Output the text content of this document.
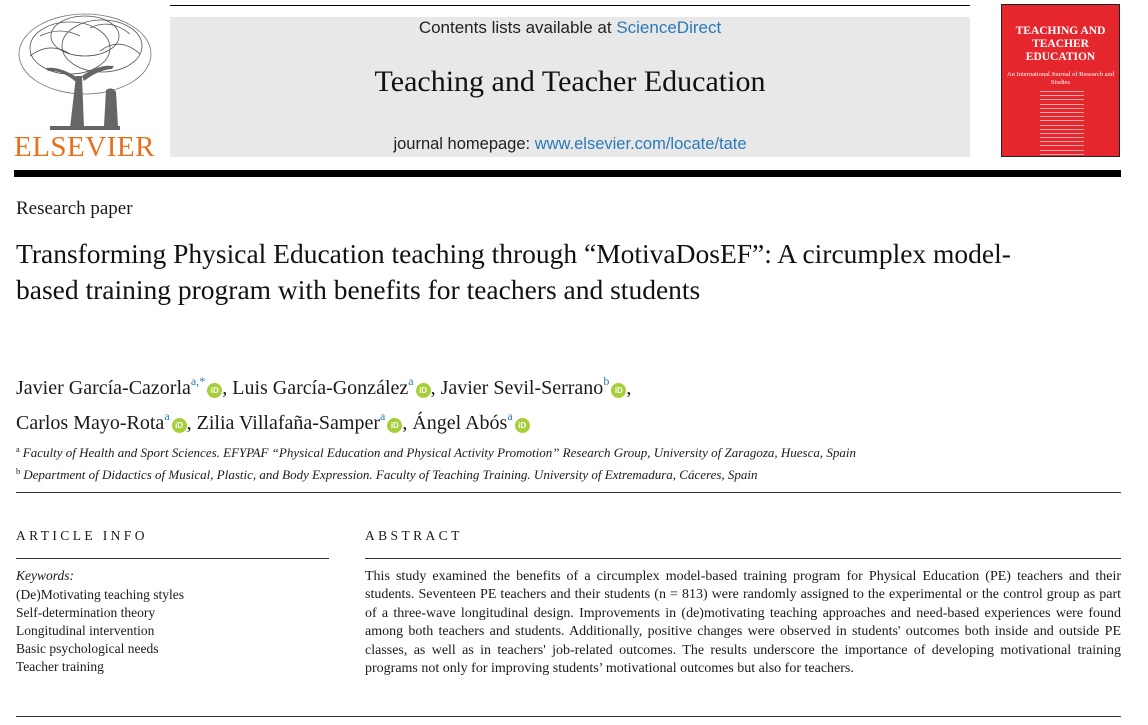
ELSEVIER
Contents lists available at ScienceDirect
Teaching and Teacher Education
journal homepage: www.elsevier.com/locate/tate
TEACHING AND TEACHER EDUCATION
An International Journal of Research and Studies
Research paper
Transforming Physical Education teaching through “MotivaDosEF”: A circumplex model-based training program with benefits for teachers and students
Javier García-Cazorla$^{a,*}$iD , Luis García-González$^a$iD , Javier Sevil-Serrano$^b$iD ,
Carlos Mayo-Rota$^a$iD , Zilia Villafaña-Samper$^a$iD , Ángel Abós$^a$iD
$^a$ Faculty of Health and Sport Sciences. EFYPAF “Physical Education and Physical Activity Promotion” Research Group, University of Zaragoza, Huesca, Spain
$^b$ Department of Didactics of Musical, Plastic, and Body Expression. Faculty of Teaching Training. University of Extremadura, Cáceres, Spain
ARTICLE INFO
Keywords:
(De)Motivating teaching styles
Self-determination theory
Longitudinal intervention
Basic psychological needs
Teacher training
ABSTRACT
This study examined the benefits of a circumplex model-based training program for Physical Education (PE) teachers and their students. Seventeen PE teachers and their students (n = 813) were randomly assigned to the experimental or the control group as part of a three-wave longitudinal design. Improvements in (de)motivating teaching approaches and need-based experiences were found among both teachers and students. Additionally, positive changes were observed in students' outcomes both inside and outside PE classes, as well as in teachers' job-related outcomes. The results underscore the importance of developing motivational training programs not only for improving students’ motivational outcomes but also for teachers.
